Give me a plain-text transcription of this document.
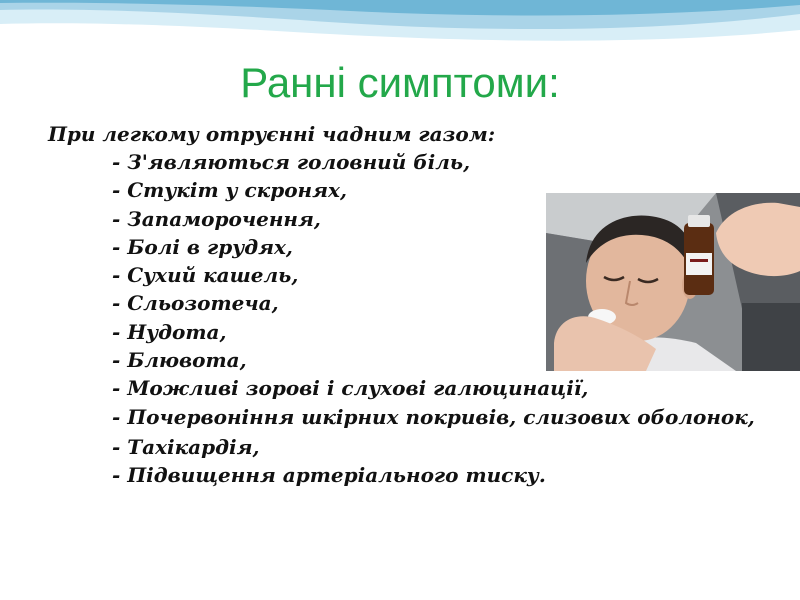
Ранні симптоми:
При легкому отруєнні чадним газом:
- З'являються головний біль,
- Стукіт у скронях,
- Запаморочення,
- Болі в грудях,
- Сухий кашель,
- Сльозотеча,
- Нудота,
- Блювота,
- Можливі зорові і слухові галюцинації,
- Почервоніння шкірних покривів, слизових оболонок,
- Тахікардія,
- Підвищення артеріального тиску.
